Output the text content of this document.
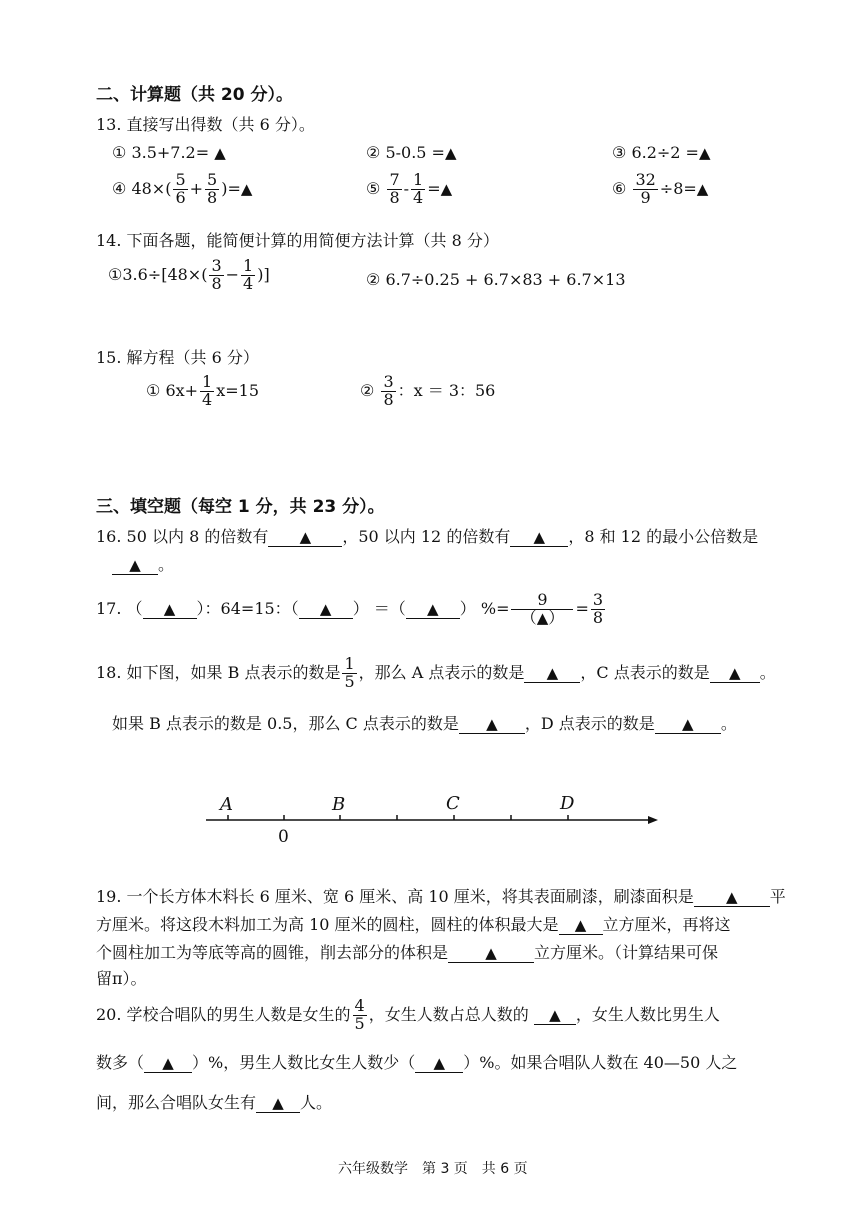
二、计算题（共 20 分）。
13. 直接写出得数（共 6 分）。
① 3.5+7.2= ▲	② 5-0.5 =▲	③ 6.2÷2 =▲
④ $48\times( \frac{5}{6} + \frac{5}{8}$ )=▲	⑤ $\frac{7}{8} - \frac{1}{4}$ =▲	⑥ $\frac{32}{9}$ ÷8=▲
14. 下面各题，能简便计算的用简便方法计算（共 8 分）
①3.6÷[48×( $\frac{3}{8} - \frac{1}{4}$ )]	② 6.7÷0.25 + 6.7×83 + 6.7×13
15. 解方程（共 6 分）
① $6x+ \frac{1}{4} x=15$	② $\frac{3}{8}$ ：x ＝ 3：56
三、填空题（每空 1 分，共 23 分）。
16. 50 以内 8 的倍数有 ▲ ，50 以内 12 的倍数有 ▲ ，8 和 12 的最小公倍数是
▲ 。
17. （ ▲ ）：64=15：（ ▲ ） ＝（ ▲ ） %= $\frac{9}{(▲)} = \frac{3}{8}$
18. 如下图，如果 B 点表示的数是 $\frac{1}{5}$ ，那么 A 点表示的数是 ▲ ，C 点表示的数是 ▲ 。
如果 B 点表示的数是 0.5，那么 C 点表示的数是 ▲ ，D 点表示的数是 ▲ 。
A	B	C	D
0
19. 一个长方体木料长 6 厘米、宽 6 厘米、高 10 厘米，将其表面刷漆，刷漆面积是 ▲ 平
方厘米。将这段木料加工为高 10 厘米的圆柱，圆柱的体积最大是 ▲ 立方厘米，再将这
个圆柱加工为等底等高的圆锥，削去部分的体积是 ▲ 立方厘米。（计算结果可保
留π）。
20. 学校合唱队的男生人数是女生的 $\frac{4}{5}$ ，女生人数占总人数的 ▲ ，女生人数比男生人
数多（ ▲ ）%，男生人数比女生人数少（ ▲ ）%。如果合唱队人数在 40—50 人之
间，那么合唱队女生有 ▲ 人。
六年级数学　第 3 页　共 6 页
